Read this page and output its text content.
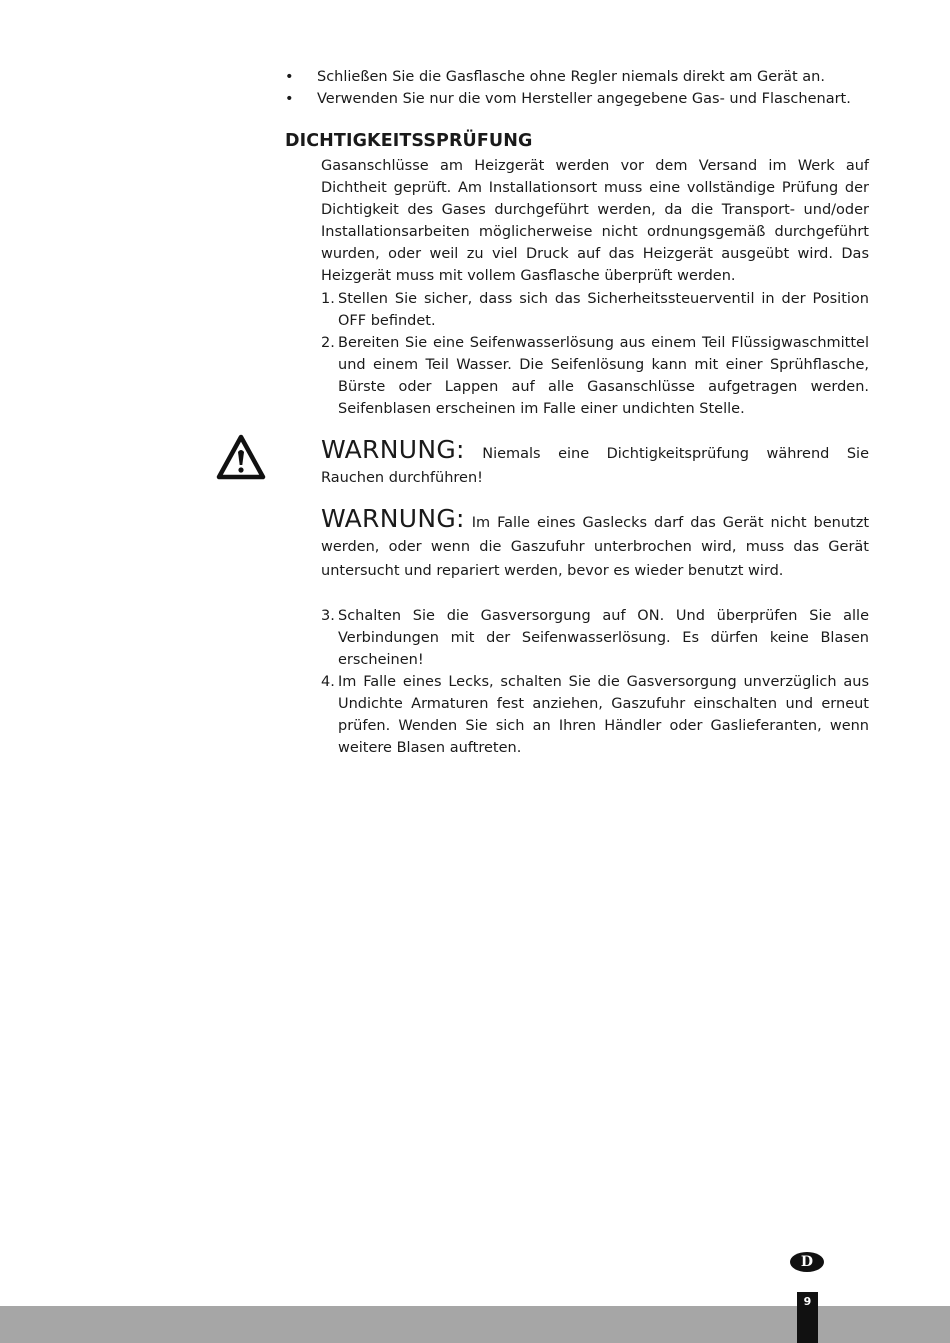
• Schließen Sie die Gasflasche ohne Regler niemals direkt am Gerät an.
• Verwenden Sie nur die vom Hersteller angegebene Gas- und Flaschenart.
DICHTIGKEITSSPRÜFUNG
Gasanschlüsse am Heizgerät werden vor dem Versand im Werk auf Dichtheit geprüft. Am Installationsort muss eine vollständige Prüfung der Dichtigkeit des Gases durchgeführt werden, da die Transport- und/oder Installationsarbeiten möglicherweise nicht ordnungsgemäß durchgeführt wurden, oder weil zu viel Druck auf das Heizgerät ausgeübt wird. Das Heizgerät muss mit vollem Gasflasche überprüft werden.
1. Stellen Sie sicher, dass sich das Sicherheitssteuerventil in der Position OFF befindet.
2. Bereiten Sie eine Seifenwasserlösung aus einem Teil Flüssigwaschmittel und einem Teil Wasser. Die Seifenlösung kann mit einer Sprühflasche, Bürste oder Lappen auf alle Gasanschlüsse aufgetragen werden. Seifenblasen erscheinen im Falle einer undichten Stelle.
WARNUNG: Niemals eine Dichtigkeitsprüfung während Sie Rauchen durchführen!
WARNUNG: Im Falle eines Gaslecks darf das Gerät nicht benutzt werden, oder wenn die Gaszufuhr unterbrochen wird, muss das Gerät untersucht und repariert werden, bevor es wieder benutzt wird.
3. Schalten Sie die Gasversorgung auf ON. Und überprüfen Sie alle Verbindungen mit der Seifenwasserlösung. Es dürfen keine Blasen erscheinen!
4. Im Falle eines Lecks, schalten Sie die Gasversorgung unverzüglich aus Undichte Armaturen fest anziehen, Gaszufuhr einschalten und erneut prüfen. Wenden Sie sich an Ihren Händler oder Gaslieferanten, wenn weitere Blasen auftreten.
D
9
